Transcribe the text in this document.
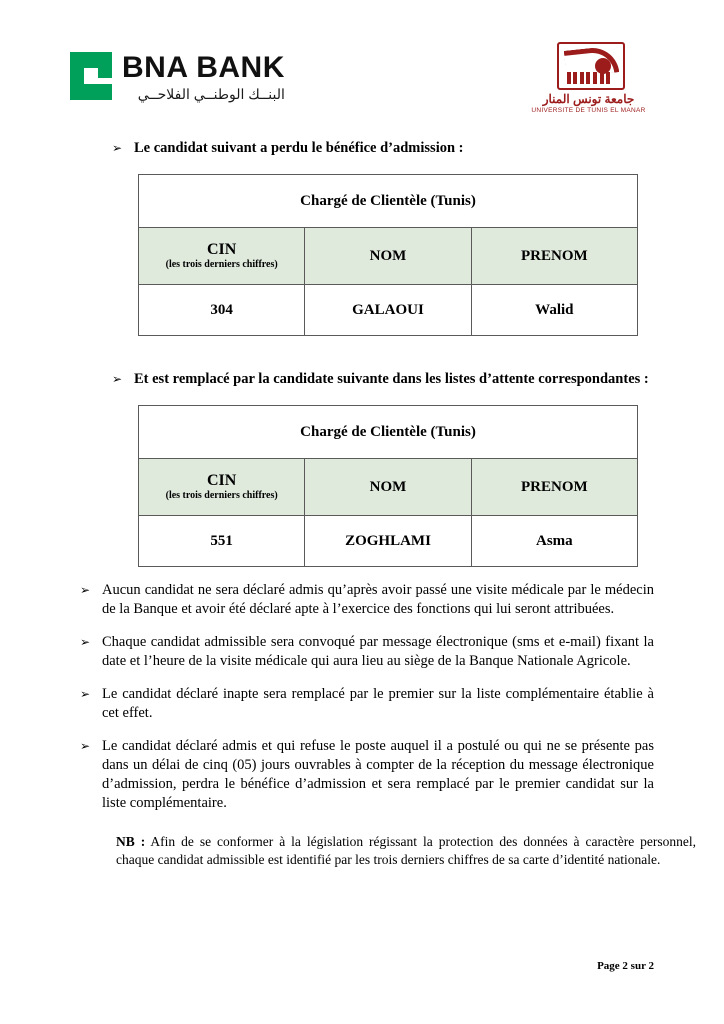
BNA BANK
البنــك الوطنــي الفلاحــي	جامعة تونس المنار
UNIVERSITE DE TUNIS EL MANAR
➢ Le candidat suivant a perdu le bénéfice d’admission :
Chargé de Clientèle (Tunis)		

CIN
(les trois derniers chiffres)	NOM	PRENOM
304	GALAOUI	Walid
➢ Et est remplacé par la candidate suivante dans les listes d’attente correspondantes :
Chargé de Clientèle (Tunis)		

CIN
(les trois derniers chiffres)	NOM	PRENOM
551	ZOGHLAMI	Asma
➢ Aucun candidat ne sera déclaré admis qu’après avoir passé une visite médicale par le médecin de la Banque et avoir été déclaré apte à l’exercice des fonctions qui lui seront attribuées.
➢ Chaque candidat admissible sera convoqué par message électronique (sms et e-mail) fixant la date et l’heure de la visite médicale qui aura lieu au siège de la Banque Nationale Agricole.
➢ Le candidat déclaré inapte sera remplacé par le premier sur la liste complémentaire établie à cet effet.
➢ Le candidat déclaré admis et qui refuse le poste auquel il a postulé ou qui ne se présente pas dans un délai de cinq (05) jours ouvrables à compter de la réception du message électronique d’admission, perdra le bénéfice d’admission et sera remplacé par le premier candidat sur la liste complémentaire.
NB : Afin de se conformer à la législation régissant la protection des données à caractère personnel, chaque candidat admissible est identifié par les trois derniers chiffres de sa carte d’identité nationale.
Page 2 sur 2
